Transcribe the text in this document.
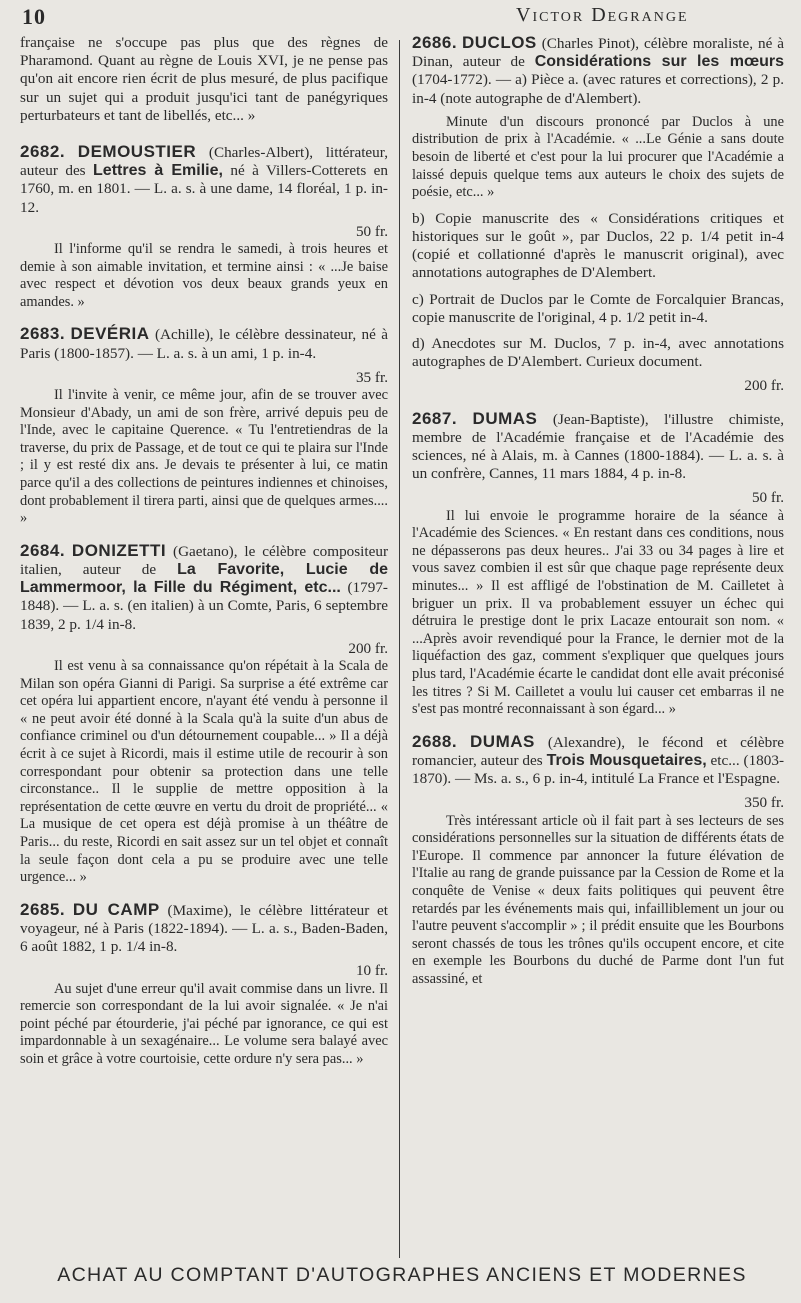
10	Victor Degrange

française ne s'occupe pas plus que des règnes de Pharamond. Quant au règne de Louis XVI, je ne pense pas qu'on ait encore rien écrit de plus mesuré, de plus pacifique sur un sujet qui a produit jusqu'ici tant de panégyriques perturbateurs et tant de libellés, etc... »

2682. DEMOUSTIER (Charles-Albert), littérateur, auteur des Lettres à Emilie, né à Villers-Cotterets en 1760, m. en 1801. — L. a. s. à une dame, 14 floréal, 1 p. in-12.

50 fr.

Il l'informe qu'il se rendra le samedi, à trois heures et demie à son aimable invitation, et termine ainsi : « ...Je baise avec respect et dévotion vos deux beaux grands yeux en amandes. »

2683. DEVÉRIA (Achille), le célèbre dessinateur, né à Paris (1800-1857). — L. a. s. à un ami, 1 p. in-4.

35 fr.

Il l'invite à venir, ce même jour, afin de se trouver avec Monsieur d'Abady, un ami de son frère, arrivé depuis peu de l'Inde, avec le capitaine Querence. « Tu l'entretiendras de la traverse, du prix de Passage, et de tout ce qui te plaira sur l'Inde ; il y est resté dix ans. Je devais te présenter à lui, ce matin parce qu'il a des collections de peintures indiennes et chinoises, dont probablement il tirera parti, ainsi que de quelques armes.... »

2684. DONIZETTI (Gaetano), le célèbre compositeur italien, auteur de La Favorite, Lucie de Lammermoor, la Fille du Régiment, etc... (1797-1848). — L. a. s. (en italien) à un Comte, Paris, 6 septembre 1839, 2 p. 1/4 in-8.

200 fr.

Il est venu à sa connaissance qu'on répétait à la Scala de Milan son opéra Gianni di Parigi. Sa surprise a été extrême car cet opéra lui appartient encore, n'ayant été vendu à personne il « ne peut avoir été donné à la Scala qu'à la suite d'un abus de confiance criminel ou d'un détournement coupable... » Il a déjà écrit à ce sujet à Ricordi, mais il estime utile de recourir à son correspondant pour obtenir sa protection dans une telle circonstance.. Il le supplie de mettre opposition à la représentation de cette œuvre en vertu du droit de propriété... « La musique de cet opera est déjà promise à un théâtre de Paris... du reste, Ricordi en sait assez sur un tel objet et connaît la seule façon dont cela a pu se produire avec une telle urgence... »

2685. DU CAMP (Maxime), le célèbre littérateur et voyageur, né à Paris (1822-1894). — L. a. s., Baden-Baden, 6 août 1882, 1 p. 1/4 in-8.

10 fr.

Au sujet d'une erreur qu'il avait commise dans un livre. Il remercie son correspondant de la lui avoir signalée. « Je n'ai point péché par étourderie, j'ai péché par ignorance, ce qui est impardonnable à un sexagénaire... Le volume sera balayé avec soin et grâce à votre courtoisie, cette ordure n'y sera pas... »

2686. DUCLOS (Charles Pinot), célèbre moraliste, né à Dinan, auteur de Considérations sur les mœurs (1704-1772). — a) Pièce a. (avec ratures et corrections), 2 p. in-4 (note autographe de d'Alembert).

Minute d'un discours prononcé par Duclos à une distribution de prix à l'Académie. « ...Le Génie a sans doute besoin de liberté et c'est pour la lui procurer que l'Académie a laissé depuis quelque tems aux auteurs le choix des sujets de poésie, etc... »

b) Copie manuscrite des « Considérations critiques et historiques sur le goût », par Duclos, 22 p. 1/4 petit in-4 (copié et collationné d'après le manuscrit original), avec annotations autographes de D'Alembert.

c) Portrait de Duclos par le Comte de Forcalquier Brancas, copie manuscrite de l'original, 4 p. 1/2 petit in-4.

d) Anecdotes sur M. Duclos, 7 p. in-4, avec annotations autographes de D'Alembert. Curieux document.

200 fr.

2687. DUMAS (Jean-Baptiste), l'illustre chimiste, membre de l'Académie française et de l'Académie des sciences, né à Alais, m. à Cannes (1800-1884). — L. a. s. à un confrère, Cannes, 11 mars 1884, 4 p. in-8.

50 fr.

Il lui envoie le programme horaire de la séance à l'Académie des Sciences. « En restant dans ces conditions, nous ne dépasserons pas deux heures.. J'ai 33 ou 34 pages à lire et vous savez combien il est sûr que chaque page représente deux minutes... » Il est affligé de l'obstination de M. Cailletet à briguer un prix. Il va probablement essuyer un échec qui détruira le prestige dont le prix Lacaze entourait son nom. « ...Après avoir revendiqué pour la France, le dernier mot de la liquéfaction des gaz, comment s'expliquer que quelques jours plus tard, l'Académie écarte le candidat dont elle avait préconisé les titres ? Si M. Cailletet a voulu lui causer cet embarras il ne s'est pas montré reconnaissant à son égard... »

2688. DUMAS (Alexandre), le fécond et célèbre romancier, auteur des Trois Mousquetaires, etc... (1803-1870). — Ms. a. s., 6 p. in-4, intitulé La France et l'Espagne.

350 fr.

Très intéressant article où il fait part à ses lecteurs de ses considérations personnelles sur la situation de différents états de l'Europe. Il commence par annoncer la future élévation de l'Italie au rang de grande puissance par la Cession de Rome et la conquête de Venise « deux faits politiques qui peuvent être retardés par les événements mais qui, infailliblement un jour ou l'autre peuvent s'accomplir » ; il prédit ensuite que les Bourbons seront chassés de tous les trônes qu'ils occupent encore, et cite en exemple les Bourbons du duché de Parme dont l'un fut assassiné, et

ACHAT AU COMPTANT D'AUTOGRAPHES ANCIENS ET MODERNES
